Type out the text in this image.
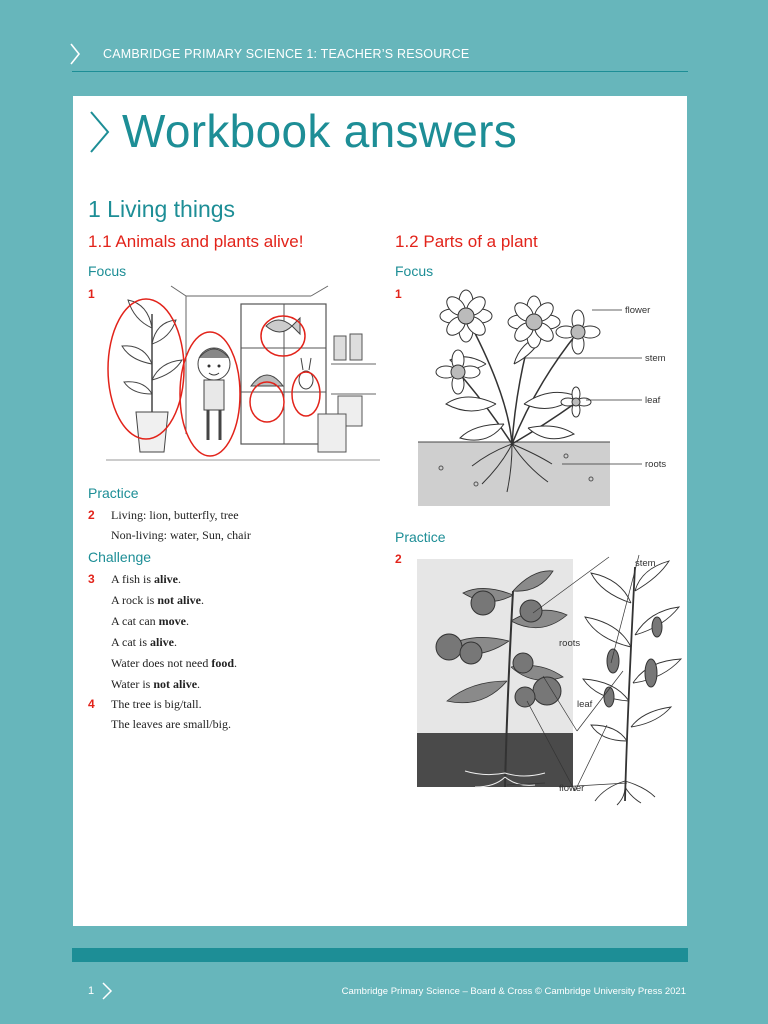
CAMBRIDGE PRIMARY SCIENCE 1: TEACHER’S RESOURCE
Workbook answers
1 Living things
1.1 Animals and plants alive!
Focus
1
Practice
2 Living: lion, butterfly, tree
Non-living: water, Sun, chair
Challenge
3 A fish is alive.
A rock is not alive.
A cat can move.
A cat is alive.
Water does not need food.
Water is not alive.
4 The tree is big/tall.
The leaves are small/big.
1.2 Parts of a plant
Focus
1
flower
stem
leaf
roots
Practice
2	stem
roots
leaf
flower
1	Cambridge Primary Science – Board & Cross © Cambridge University Press 2021
